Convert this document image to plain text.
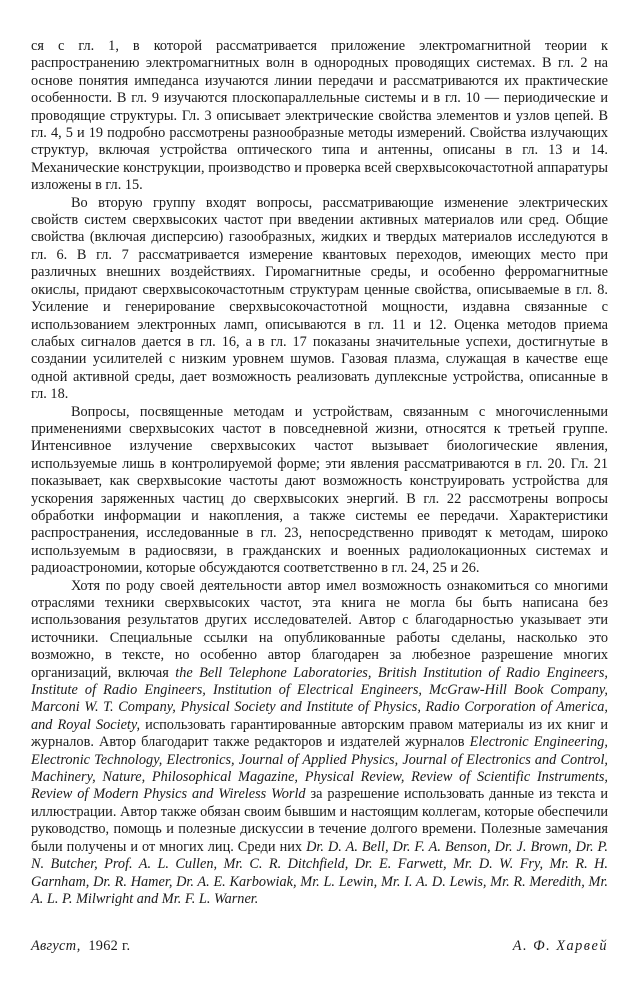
ся с гл. 1, в которой рассматривается приложение электромагнитной теории к распространению электромагнитных волн в однородных проводящих системах. В гл. 2 на основе понятия импеданса изучаются линии передачи и рассматриваются их практические особенности. В гл. 9 изучаются плоскопараллельные системы и в гл. 10 — периодические и проводящие структуры. Гл. 3 описывает электрические свойства элементов и узлов цепей. В гл. 4, 5 и 19 подробно рассмотрены разнообразные методы измерений. Свойства излучающих структур, включая устройства оптического типа и антенны, описаны в гл. 13 и 14. Механические конструкции, производство и проверка всей сверхвысокочастотной аппаратуры изложены в гл. 15.

Во вторую группу входят вопросы, рассматривающие изменение электрических свойств систем сверхвысоких частот при введении активных материалов или сред. Общие свойства (включая дисперсию) газообразных, жидких и твердых материалов исследуются в гл. 6. В гл. 7 рассматривается измерение квантовых переходов, имеющих место при различных внешних воздействиях. Гиромагнитные среды, и особенно ферромагнитные окислы, придают сверхвысокочастотным структурам ценные свойства, описываемые в гл. 8. Усиление и генерирование сверхвысокочастотной мощности, издавна связанные с использованием электронных ламп, описываются в гл. 11 и 12. Оценка методов приема слабых сигналов дается в гл. 16, а в гл. 17 показаны значительные успехи, достигнутые в создании усилителей с низким уровнем шумов. Газовая плазма, служащая в качестве еще одной активной среды, дает возможность реализовать дуплексные устройства, описанные в гл. 18.

Вопросы, посвященные методам и устройствам, связанным с многочисленными применениями сверхвысоких частот в повседневной жизни, относятся к третьей группе. Интенсивное излучение сверхвысоких частот вызывает биологические явления, используемые лишь в контролируемой форме; эти явления рассматриваются в гл. 20. Гл. 21 показывает, как сверхвысокие частоты дают возможность конструировать устройства для ускорения заряженных частиц до сверхвысоких энергий. В гл. 22 рассмотрены вопросы обработки информации и накопления, а также системы ее передачи. Характеристики распространения, исследованные в гл. 23, непосредственно приводят к методам, широко используемым в радиосвязи, в гражданских и военных радиолокационных системах и радиоастрономии, которые обсуждаются соответственно в гл. 24, 25 и 26.

Хотя по роду своей деятельности автор имел возможность ознакомиться со многими отраслями техники сверхвысоких частот, эта книга не могла бы быть написана без использования результатов других исследователей. Автор с благодарностью указывает эти источники. Специальные ссылки на опубликованные работы сделаны, насколько это возможно, в тексте, но особенно автор благодарен за любезное разрешение многих организаций, включая the Bell Telephone Laboratories, British Institution of Radio Engineers, Institute of Radio Engineers, Institution of Electrical Engineers, McGraw-Hill Book Company, Marconi W. T. Company, Physical Society and Institute of Physics, Radio Corporation of America, and Royal Society, использовать гарантированные авторским правом материалы из их книг и журналов. Автор благодарит также редакторов и издателей журналов Electronic Engineering, Electronic Technology, Electronics, Journal of Applied Physics, Journal of Electronics and Control, Machinery, Nature, Philosophical Magazine, Physical Review, Review of Scientific Instruments, Review of Modern Physics and Wireless World за разрешение использовать данные из текста и иллюстрации. Автор также обязан своим бывшим и настоящим коллегам, которые обеспечили руководство, помощь и полезные дискуссии в течение долгого времени. Полезные замечания были получены и от многих лиц. Среди них Dr. D. A. Bell, Dr. F. A. Benson, Dr. J. Brown, Dr. P. N. Butcher, Prof. A. L. Cullen, Mr. C. R. Ditchfield, Dr. E. Farwett, Mr. D. W. Fry, Mr. R. H. Garnham, Dr. R. Hamer, Dr. A. E. Karbowiak, Mr. L. Lewin, Mr. I. A. D. Lewis, Mr. R. Meredith, Mr. A. L. P. Milwright and Mr. F. L. Warner.

Август, 1962 г.	А. Ф. Харвей
